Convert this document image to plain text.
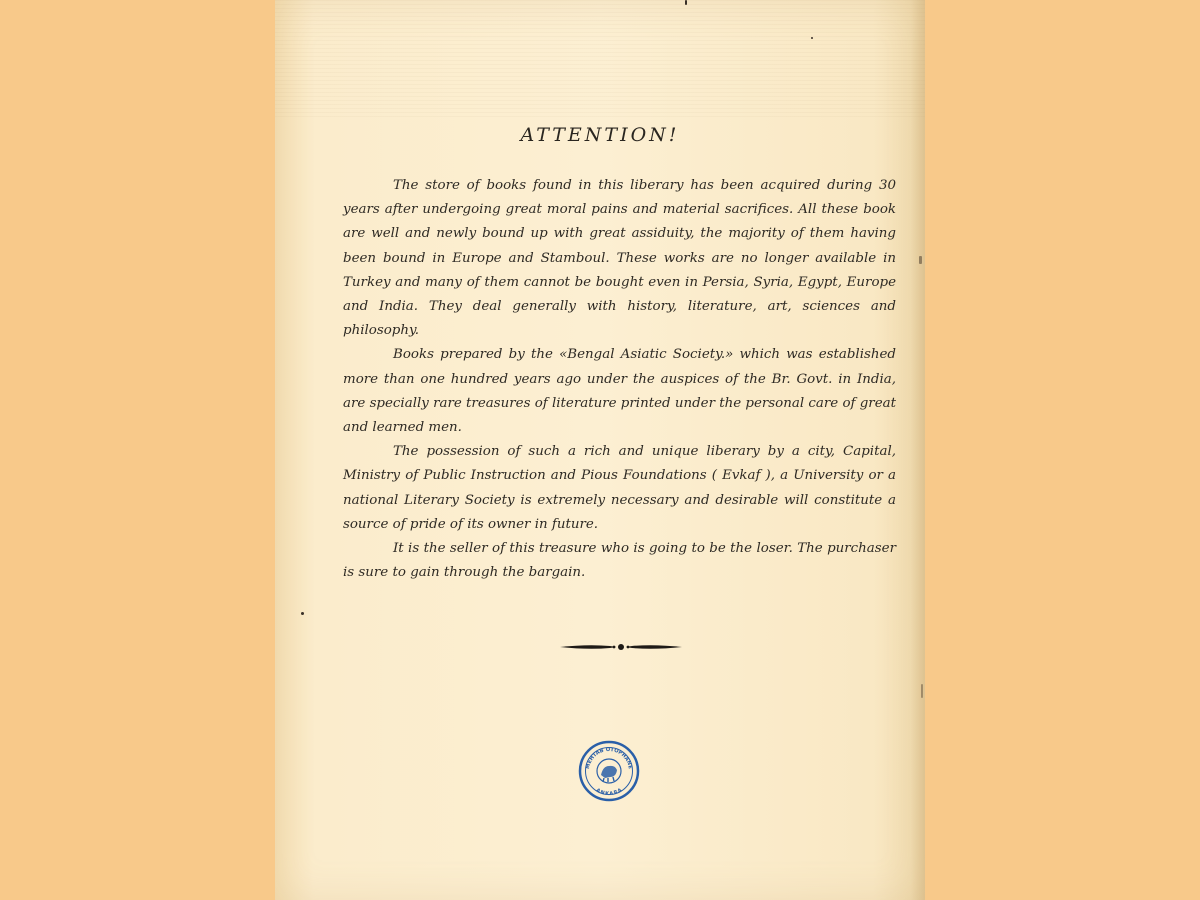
ATTENTION!

The store of books found in this liberary has been acquired during 30 years after undergoing great moral pains and material sacrifices. All these book are well and newly bound up with great assiduity, the majority of them having been bound in Europe and Stamboul. These works are no longer available in Turkey and many of them cannot be bought even in Persia, Syria, Egypt, Europe and India. They deal generally with history, literature, art, sciences and philosophy.

Books prepared by the «Bengal Asiatic Society.» which was established more than one hundred years ago under the auspices of the Br. Govt. in India, are specially rare treasures of literature printed under the personal care of great and learned men.

The possession of such a rich and unique liberary by a city, Capital, Ministry of Public Instruction and Pious Foundations ( Evkaf ), a University or a national Literary Society is extremely necessary and desirable will constitute a source of pride of its owner in future.

It is the seller of this treasure who is going to be the loser. The purchaser is sure to gain through the bargain.

MEHTAB OTOPHANE
ANKARA
